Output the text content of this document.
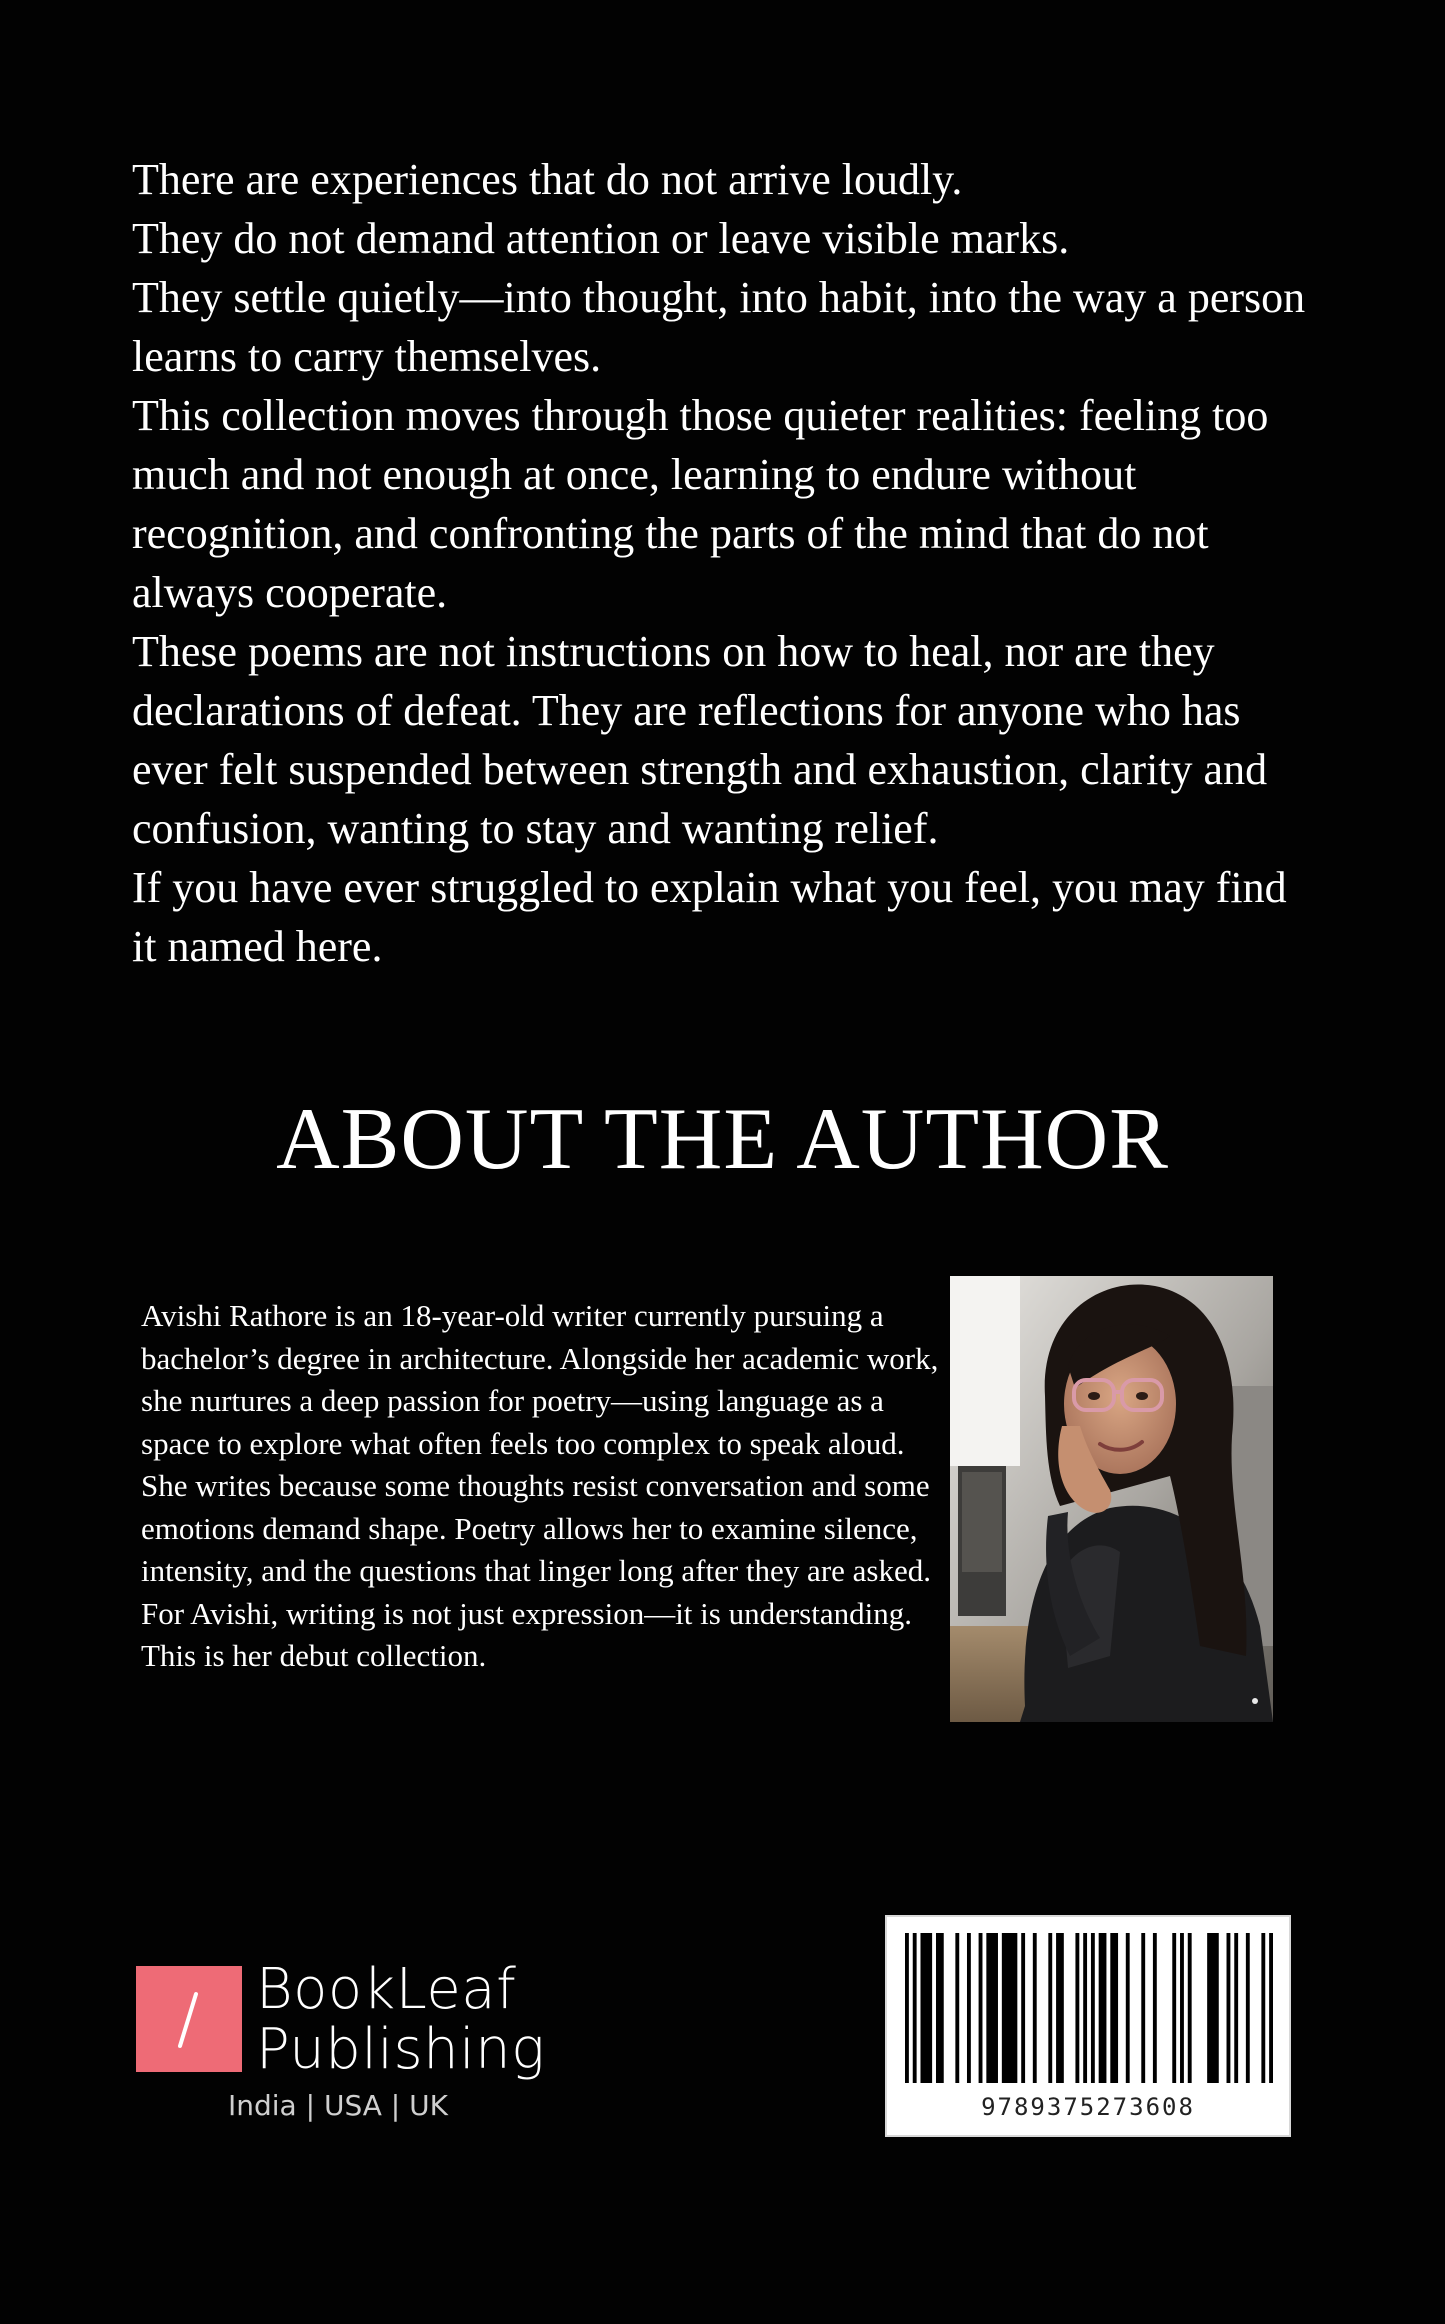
There are experiences that do not arrive loudly.

They do not demand attention or leave visible marks.

They settle quietly—into thought, into habit, into the way a person learns to carry themselves.

This collection moves through those quieter realities: feeling too much and not enough at once, learning to endure without recognition, and confronting the parts of the mind that do not always cooperate.

These poems are not instructions on how to heal, nor are they declarations of defeat. They are reflections for anyone who has ever felt suspended between strength and exhaustion, clarity and confusion, wanting to stay and wanting relief.

If you have ever struggled to explain what you feel, you may find it named here.

ABOUT THE AUTHOR

Avishi Rathore is an 18-year-old writer currently pursuing a bachelor’s degree in architecture. Alongside her academic work, she nurtures a deep passion for poetry—using language as a space to explore what often feels too complex to speak aloud.

She writes because some thoughts resist conversation and some emotions demand shape. Poetry allows her to examine silence, intensity, and the questions that linger long after they are asked. For Avishi, writing is not just expression—it is understanding.

This is her debut collection.

BookLeaf
Publishing
India | USA | UK	9789375273608
